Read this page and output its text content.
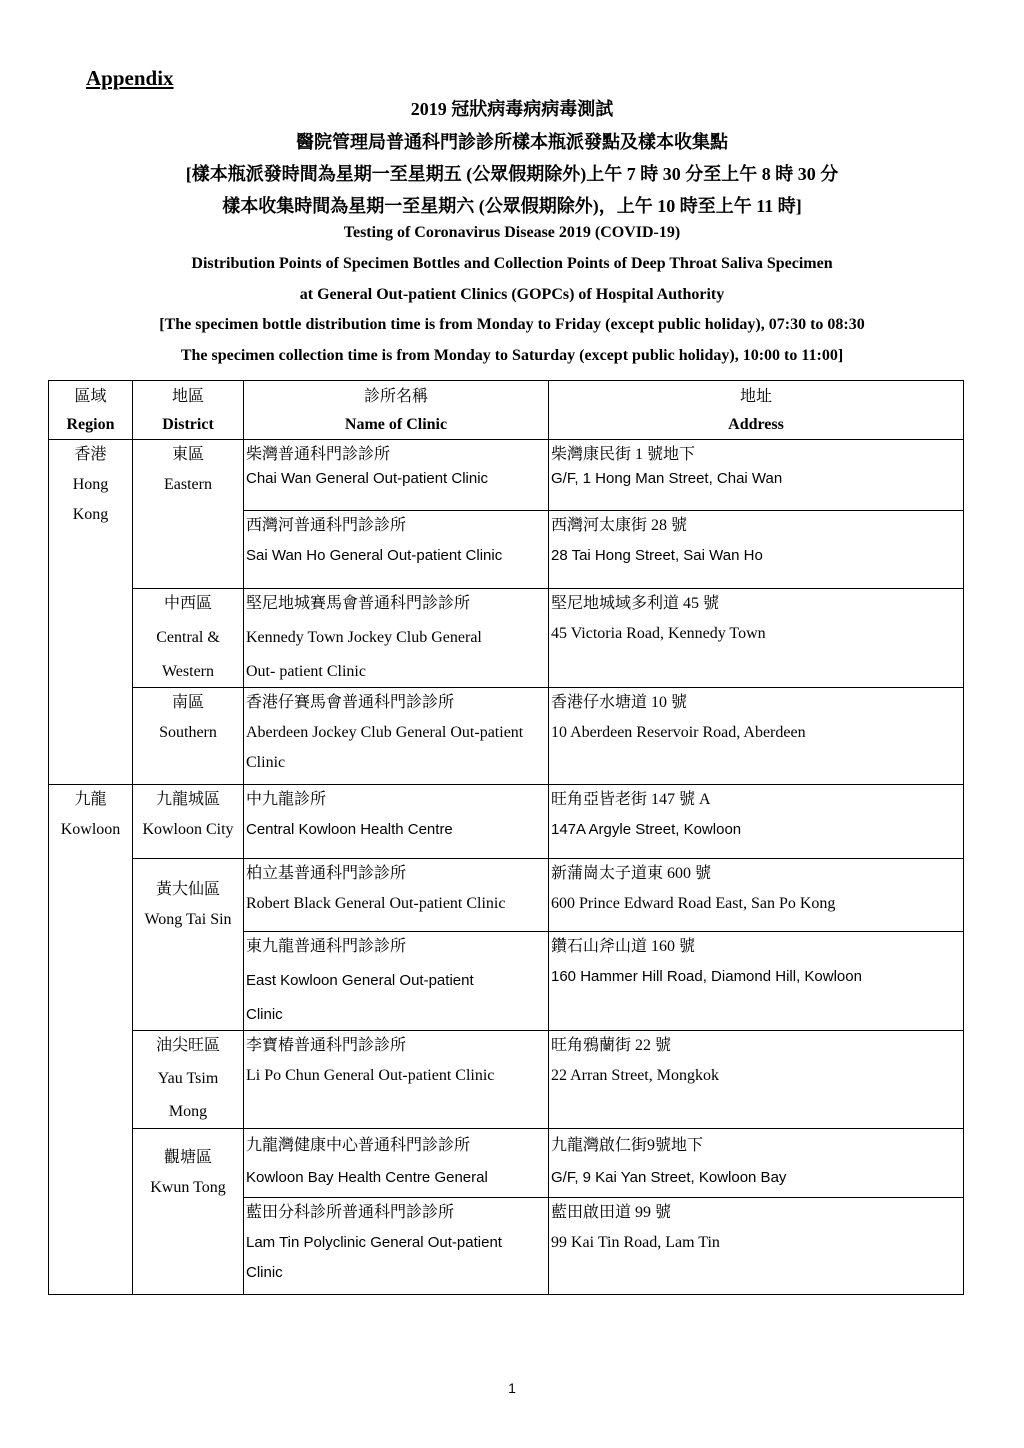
Appendix
2019 冠狀病毒病病毒測試
醫院管理局普通科門診診所樣本瓶派發點及樣本收集點
[樣本瓶派發時間為星期一至星期五 (公眾假期除外)上午 7 時 30 分至上午 8 時 30 分
樣本收集時間為星期一至星期六 (公眾假期除外)，上午 10 時至上午 11 時]
Testing of Coronavirus Disease 2019 (COVID-19)
Distribution Points of Specimen Bottles and Collection Points of Deep Throat Saliva Specimen
at General Out-patient Clinics (GOPCs) of Hospital Authority
[The specimen bottle distribution time is from Monday to Friday (except public holiday), 07:30 to 08:30
The specimen collection time is from Monday to Saturday (except public holiday), 10:00 to 11:00]
區域
Region	地區
District	診所名稱
Name of Clinic	地址
Address

香港
Hong
Kong	東區
Eastern	柴灣普通科門診診所
Chai Wan General Out-patient Clinic	柴灣康民街 1 號地下
G/F, 1 Hong Man Street, Chai Wan

		西灣河普通科門診診所
Sai Wan Ho General Out-patient Clinic	西灣河太康街 28 號
28 Tai Hong Street, Sai Wan Ho

	中西區
Central &
Western	堅尼地城賽馬會普通科門診診所
Kennedy Town Jockey Club General
Out- patient Clinic	堅尼地城域多利道 45 號
45 Victoria Road, Kennedy Town

	南區
Southern	香港仔賽馬會普通科門診診所
Aberdeen Jockey Club General Out-patient
Clinic	香港仔水塘道 10 號
10 Aberdeen Reservoir Road, Aberdeen

九龍
Kowloon	九龍城區
Kowloon City	中九龍診所
Central Kowloon Health Centre	旺角亞皆老街 147 號 A
147A Argyle Street, Kowloon

	黃大仙區
Wong Tai Sin	柏立基普通科門診診所
Robert Black General Out-patient Clinic	新蒲崗太子道東 600 號
600 Prince Edward Road East, San Po Kong

		東九龍普通科門診診所
East Kowloon General Out-patient
Clinic	鑽石山斧山道 160 號
160 Hammer Hill Road, Diamond Hill, Kowloon

	油尖旺區
Yau Tsim
Mong	李寶椿普通科門診診所
Li Po Chun General Out-patient Clinic	旺角鴉蘭街 22 號
22 Arran Street, Mongkok

	觀塘區
Kwun Tong	九龍灣健康中心普通科門診診所
Kowloon Bay Health Centre General	九龍灣啟仁街9號地下
G/F, 9 Kai Yan Street, Kowloon Bay

		藍田分科診所普通科門診診所
Lam Tin Polyclinic General Out-patient
Clinic	藍田啟田道 99 號
99 Kai Tin Road, Lam Tin
1
